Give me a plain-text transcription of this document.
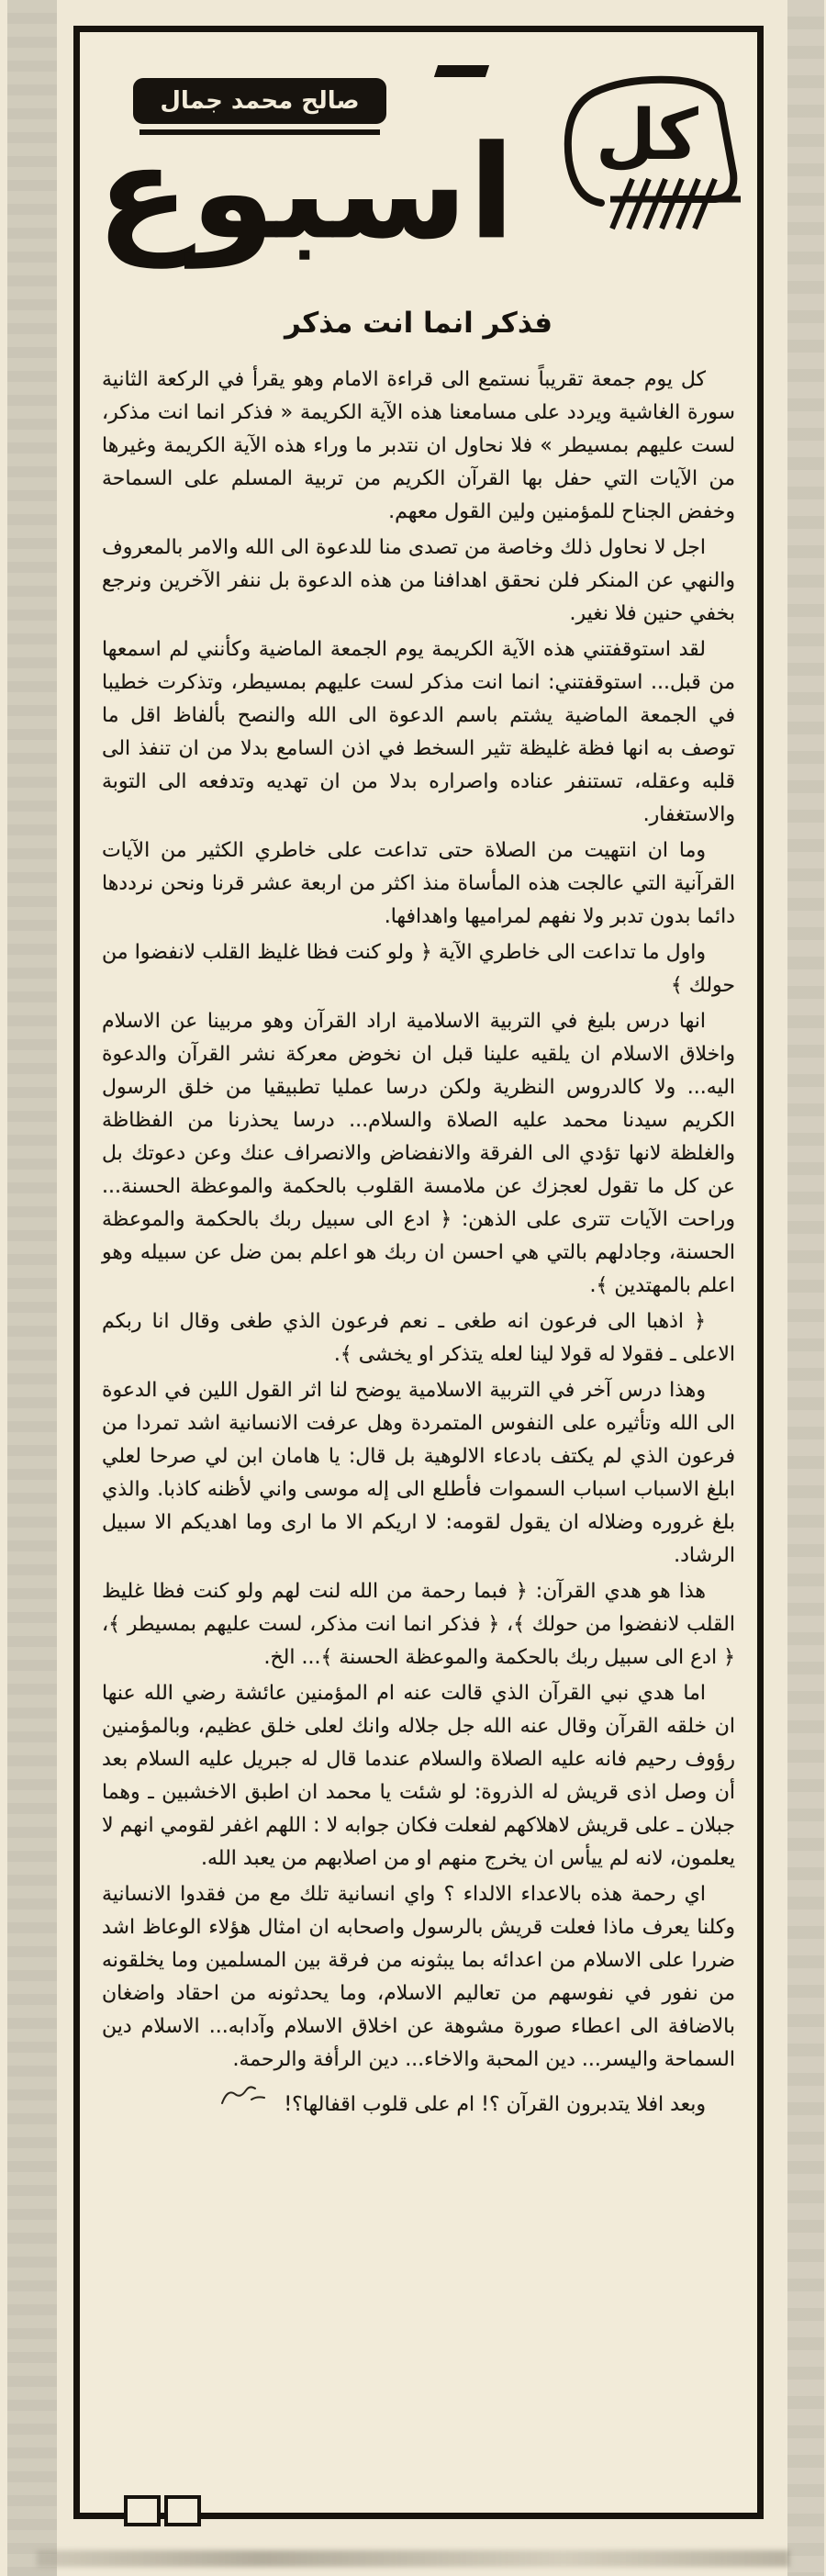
كل
صالح محمد جمال
اسبوع
فذكر انما انت مذكر

كل يوم جمعة تقريباً نستمع الى قراءة الامام وهو يقرأ في الركعة الثانية سورة الغاشية ويردد على مسامعنا هذه الآية الكريمة « فذكر انما انت مذكر، لست عليهم بمسيطر » فلا نحاول ان نتدبر ما وراء هذه الآية الكريمة وغيرها من الآيات التي حفل بها القرآن الكريم من تربية المسلم على السماحة وخفض الجناح للمؤمنين ولين القول معهم.

اجل لا نحاول ذلك وخاصة من تصدى منا للدعوة الى الله والامر بالمعروف والنهي عن المنكر فلن نحقق اهدافنا من هذه الدعوة بل ننفر الآخرين ونرجع بخفي حنين فلا نغير.

لقد استوقفتني هذه الآية الكريمة يوم الجمعة الماضية وكأنني لم اسمعها من قبل... استوقفتني: انما انت مذكر لست عليهم بمسيطر، وتذكرت خطيبا في الجمعة الماضية يشتم باسم الدعوة الى الله والنصح بألفاظ اقل ما توصف به انها فظة غليظة تثير السخط في اذن السامع بدلا من ان تنفذ الى قلبه وعقله، تستنفر عناده واصراره بدلا من ان تهديه وتدفعه الى التوبة والاستغفار.

وما ان انتهيت من الصلاة حتى تداعت على خاطري الكثير من الآيات القرآنية التي عالجت هذه المأساة منذ اكثر من اربعة عشر قرنا ونحن نرددها دائما بدون تدبر ولا نفهم لمراميها واهدافها.

واول ما تداعت الى خاطري الآية ﴿ ولو كنت فظا غليظ القلب لانفضوا من حولك ﴾

انها درس بليغ في التربية الاسلامية اراد القرآن وهو مربينا عن الاسلام واخلاق الاسلام ان يلقيه علينا قبل ان نخوض معركة نشر القرآن والدعوة اليه... ولا كالدروس النظرية ولكن درسا عمليا تطبيقيا من خلق الرسول الكريم سيدنا محمد عليه الصلاة والسلام... درسا يحذرنا من الفظاظة والغلظة لانها تؤدي الى الفرقة والانفضاض والانصراف عنك وعن دعوتك بل عن كل ما تقول لعجزك عن ملامسة القلوب بالحكمة والموعظة الحسنة... وراحت الآيات تترى على الذهن: ﴿ ادع الى سبيل ربك بالحكمة والموعظة الحسنة، وجادلهم بالتي هي احسن ان ربك هو اعلم بمن ضل عن سبيله وهو اعلم بالمهتدين ﴾.

﴿ اذهبا الى فرعون انه طغى ـ نعم فرعون الذي طغى وقال انا ربكم الاعلى ـ فقولا له قولا لينا لعله يتذكر او يخشى ﴾.

وهذا درس آخر في التربية الاسلامية يوضح لنا اثر القول اللين في الدعوة الى الله وتأثيره على النفوس المتمردة وهل عرفت الانسانية اشد تمردا من فرعون الذي لم يكتف بادعاء الالوهية بل قال: يا هامان ابن لي صرحا لعلي ابلغ الاسباب اسباب السموات فأطلع الى إله موسى واني لأظنه كاذبا. والذي بلغ غروره وضلاله ان يقول لقومه: لا اريكم الا ما ارى وما اهديكم الا سبيل الرشاد.

هذا هو هدي القرآن: ﴿ فبما رحمة من الله لنت لهم ولو كنت فظا غليظ القلب لانفضوا من حولك ﴾، ﴿ فذكر انما انت مذكر، لست عليهم بمسيطر ﴾، ﴿ ادع الى سبيل ربك بالحكمة والموعظة الحسنة ﴾... الخ.

اما هدي نبي القرآن الذي قالت عنه ام المؤمنين عائشة رضي الله عنها ان خلقه القرآن وقال عنه الله جل جلاله وانك لعلى خلق عظيم، وبالمؤمنين رؤوف رحيم فانه عليه الصلاة والسلام عندما قال له جبريل عليه السلام بعد أن وصل اذى قريش له الذروة: لو شئت يا محمد ان اطبق الاخشبين ـ وهما جبلان ـ على قريش لاهلاكهم لفعلت فكان جوابه لا : اللهم اغفر لقومي انهم لا يعلمون، لانه لم ييأس ان يخرج منهم او من اصلابهم من يعبد الله.

اي رحمة هذه بالاعداء الالداء ؟ واي انسانية تلك مع من فقدوا الانسانية وكلنا يعرف ماذا فعلت قريش بالرسول واصحابه ان امثال هؤلاء الوعاظ اشد ضررا على الاسلام من اعدائه بما يبثونه من فرقة بين المسلمين وما يخلقونه من نفور في نفوسهم من تعاليم الاسلام، وما يحدثونه من احقاد واضغان بالاضافة الى اعطاء صورة مشوهة عن اخلاق الاسلام وآدابه... الاسلام دين السماحة واليسر... دين المحبة والاخاء... دين الرأفة والرحمة.

وبعد افلا يتدبرون القرآن ؟! ام على قلوب اقفالها؟!
